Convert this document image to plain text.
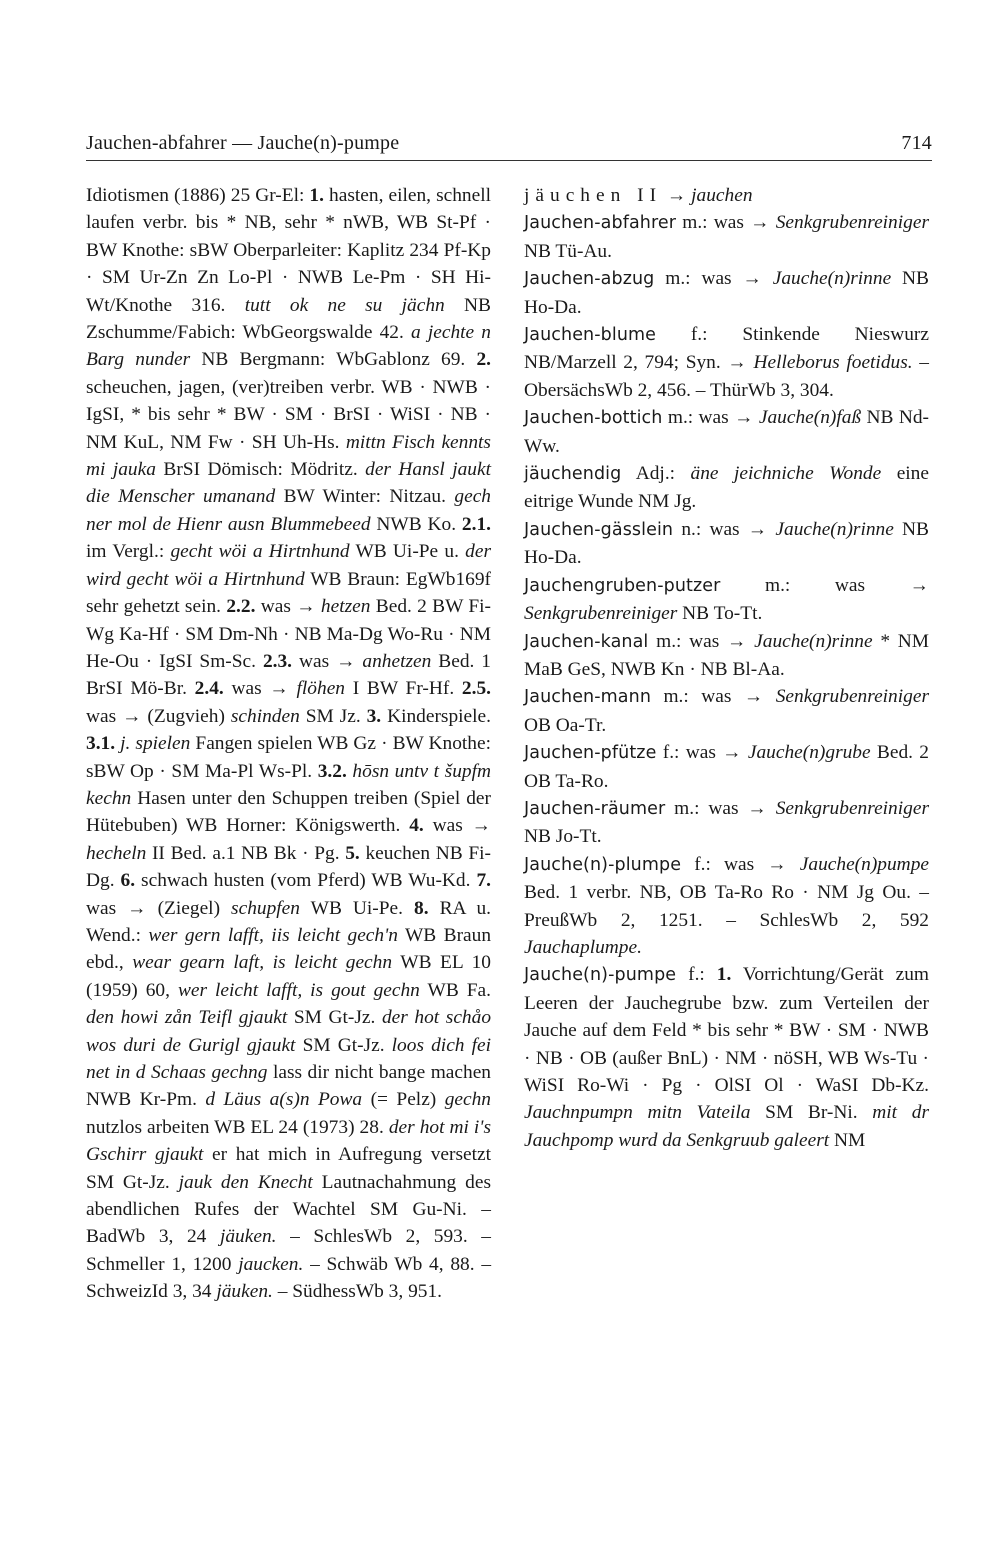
Jauchen-abfahrer — Jauche(n)-pumpe	714

Idiotismen (1886) 25 Gr-El: 1. hasten, eilen, schnell laufen verbr. bis * NB, sehr * nWB, WB St-Pf · BW Knothe: sBW Oberparleiter: Kaplitz 234 Pf-Kp · SM Ur-Zn Zn Lo-Pl · NWB Le-Pm · SH Hi-Wt/Knothe 316. tutt ok ne su jächn NB Zschumme/Fabich: WbGeorgswalde 42. a jechte n Barg nunder NB Bergmann: WbGablonz 69. 2. scheuchen, jagen, (ver)treiben verbr. WB · NWB · IgSI, * bis sehr * BW · SM · BrSI · WiSI · NB · NM KuL, NM Fw · SH Uh-Hs. mittn Fisch kennts mi jauka BrSI Dömisch: Mödritz. der Hansl jaukt die Menscher umanand BW Winter: Nitzau. gech ner mol de Hienr ausn Blummebeed NWB Ko. 2.1. im Vergl.: gecht wöi a Hirtnhund WB Ui-Pe u. der wird gecht wöi a Hirtnhund WB Braun: EgWb169f sehr gehetzt sein. 2.2. was → hetzen Bed. 2 BW Fi-Wg Ka-Hf · SM Dm-Nh · NB Ma-Dg Wo-Ru · NM He-Ou · IgSI Sm-Sc. 2.3. was → anhetzen Bed. 1 BrSI Mö-Br. 2.4. was → flöhen I BW Fr-Hf. 2.5. was → (Zugvieh) schinden SM Jz. 3. Kinderspiele. 3.1. j. spielen Fangen spielen WB Gz · BW Knothe: sBW Op · SM Ma-Pl Ws-Pl. 3.2. hōsn untv t šupfm kechn Hasen unter den Schuppen treiben (Spiel der Hütebuben) WB Horner: Königswerth. 4. was → hecheln II Bed. a.1 NB Bk · Pg. 5. keuchen NB Fi-Dg. 6. schwach husten (vom Pferd) WB Wu-Kd. 7. was → (Ziegel) schupfen WB Ui-Pe. 8. RA u. Wend.: wer gern lafft, iis leicht gech'n WB Braun ebd., wear gearn laft, is leicht gechn WB EL 10 (1959) 60, wer leicht lafft, is gout gechn WB Fa. den howi zån Teifl gjaukt SM Gt-Jz. der hot schåo wos duri de Gurigl gjaukt SM Gt-Jz. loos dich fei net in d Schaas gechng lass dir nicht bange machen NWB Kr-Pm. d Läus a(s)n Powa (= Pelz) gechn nutzlos arbeiten WB EL 24 (1973) 28. der hot mi i's Gschirr gjaukt er hat mich in Aufregung versetzt SM Gt-Jz. jauk den Knecht Lautnachahmung des abendlichen Rufes der Wachtel SM Gu-Ni. – BadWb 3, 24 jäuken. – SchlesWb 2, 593. – Schmeller 1, 1200 jaucken. – Schwäb Wb 4, 88. – SchweizId 3, 34 jäuken. – SüdhessWb 3, 951.

jäuchen II → jauchen

Jauchen-abfahrer m.: was → Senkgrubenreiniger NB Tü-Au.

Jauchen-abzug m.: was → Jauche(n)rinne NB Ho-Da.

Jauchen-blume f.: Stinkende Nieswurz NB/Marzell 2, 794; Syn. → Helleborus foetidus. – ObersächsWb 2, 456. – ThürWb 3, 304.

Jauchen-bottich m.: was → Jauche(n)faß NB Nd-Ww.

jäuchendig Adj.: äne jeichniche Wonde eine eitrige Wunde NM Jg.

Jauchen-gässlein n.: was → Jauche(n)rinne NB Ho-Da.

Jauchengruben-putzer m.: was → Senkgrubenreiniger NB To-Tt.

Jauchen-kanal m.: was → Jauche(n)rinne * NM MaB GeS, NWB Kn · NB Bl-Aa.

Jauchen-mann m.: was → Senkgrubenreiniger OB Oa-Tr.

Jauchen-pfütze f.: was → Jauche(n)grube Bed. 2 OB Ta-Ro.

Jauchen-räumer m.: was → Senkgrubenreiniger NB Jo-Tt.

Jauche(n)-plumpe f.: was → Jauche(n)pumpe Bed. 1 verbr. NB, OB Ta-Ro Ro · NM Jg Ou. – PreußWb 2, 1251. – SchlesWb 2, 592 Jauchaplumpe.

Jauche(n)-pumpe f.: 1. Vorrichtung/Gerät zum Leeren der Jauchegrube bzw. zum Verteilen der Jauche auf dem Feld * bis sehr * BW · SM · NWB · NB · OB (außer BnL) · NM · nöSH, WB Ws-Tu · WiSI Ro-Wi · Pg · OlSI Ol · WaSI Db-Kz. Jauchnpumpn mitn Vateila SM Br-Ni. mit dr Jauchpomp wurd da Senkgruub galeert NM
